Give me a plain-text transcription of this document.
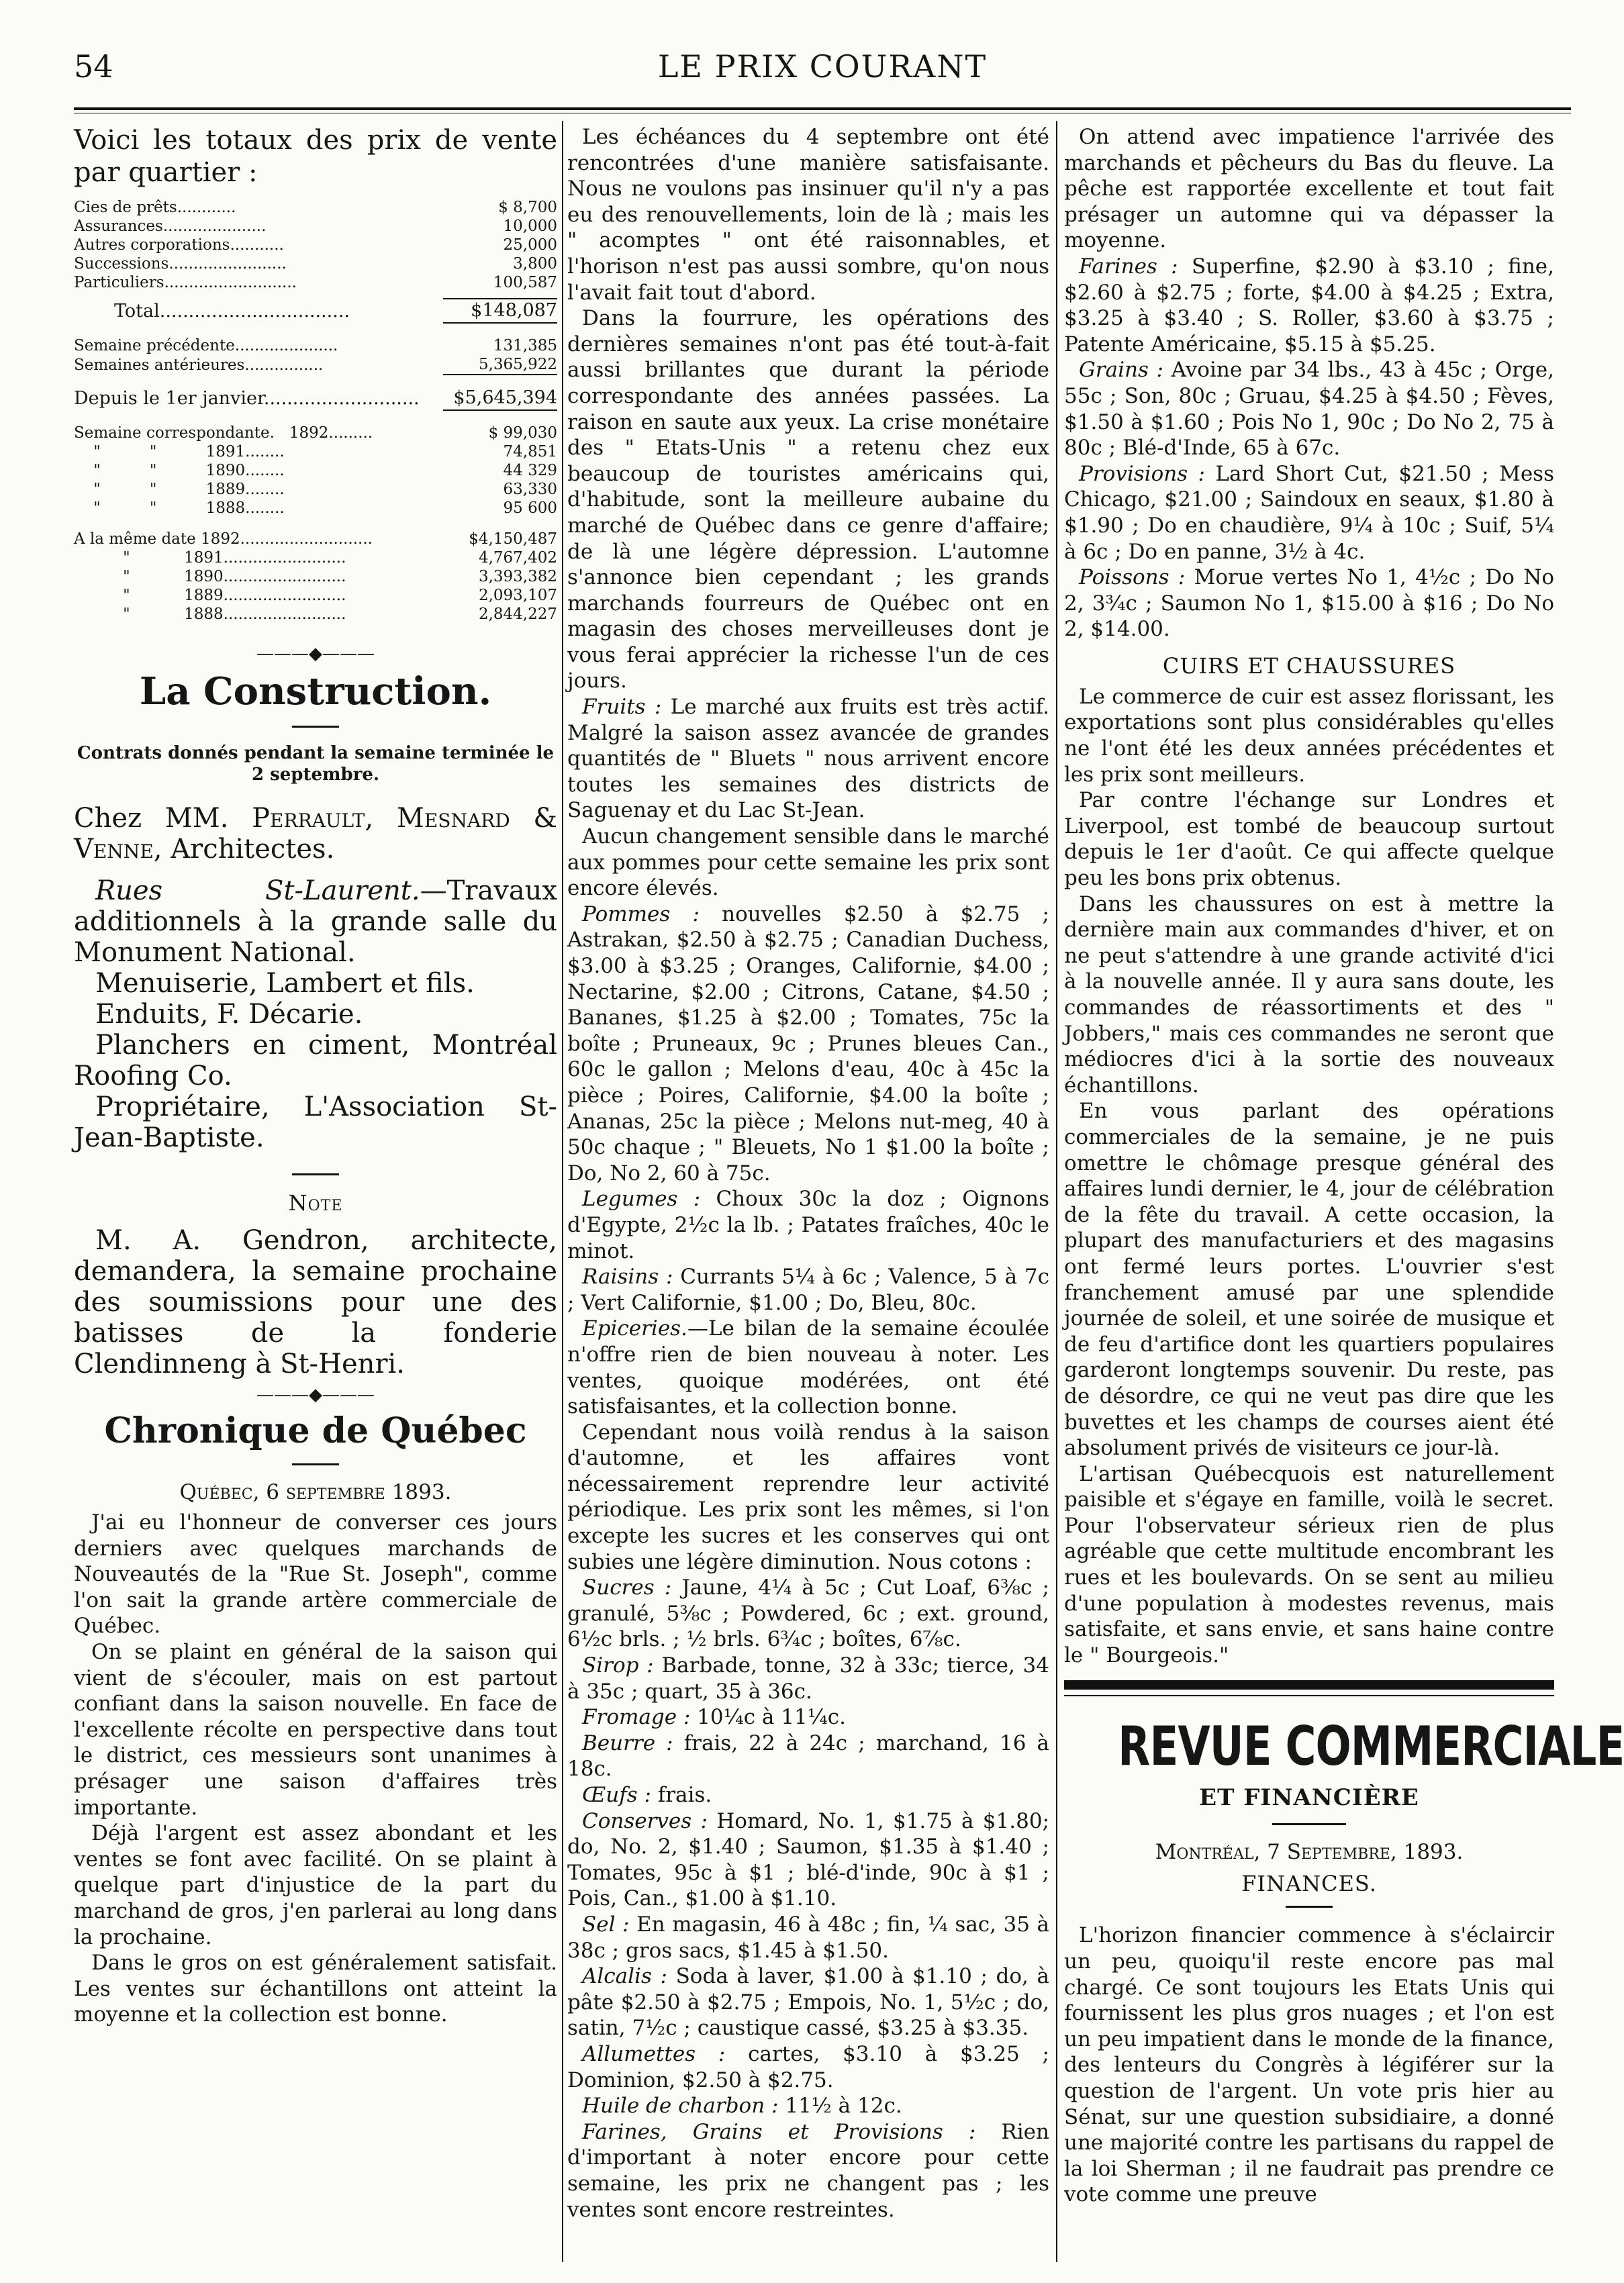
54	LE PRIX COURANT

Voici les totaux des prix de vente par quartier :

Cies de prêts............	$ 8,700
Assurances.....................	10,000
Autres corporations...........	25,000
Successions........................	3,800
Particuliers...........................	100,587

Total.................................	$148,087

Semaine précédente.....................	131,385
Semaines antérieures................	5,365,922

Depuis le 1er janvier...........................	$5,645,394

Semaine correspondante.   1892.........	$ 99,030
"          "          1891........	74,851
"          "          1890........	44 329
"          "          1889........	63,330
"          "          1888........	95 600

A la même date 1892...........................	$4,150,487
"           1891.........................	4,767,402
"           1890.........................	3,393,382
"           1889.........................	2,093,107
"           1888.........................	2,844,227
———◆———
La Construction.
Contrats donnés pendant la semaine terminée le 2 septembre.

Chez MM. Perrault, Mesnard & Venne, Architectes.

Rues St-Laurent.—Travaux additionnels à la grande salle du Monument National.

Menuiserie, Lambert et fils.

Enduits, F. Décarie.

Planchers en ciment, Montréal Roofing Co.

Propriétaire, L'Association St-Jean-Baptiste.

Note

M. A. Gendron, architecte, demandera, la semaine prochaine des soumissions pour une des batisses de la fonderie Clendinneng à St-Henri.

———◆———
Chronique de Québec
Québec, 6 septembre 1893.

J'ai eu l'honneur de converser ces jours derniers avec quelques marchands de Nouveautés de la "Rue St. Joseph", comme l'on sait la grande artère commerciale de Québec.

On se plaint en général de la saison qui vient de s'écouler, mais on est partout confiant dans la saison nouvelle. En face de l'excellente récolte en perspective dans tout le district, ces messieurs sont unanimes à présager une saison d'affaires très importante.

Déjà l'argent est assez abondant et les ventes se font avec facilité. On se plaint à quelque part d'injustice de la part du marchand de gros, j'en parlerai au long dans la prochaine.

Dans le gros on est généralement satisfait. Les ventes sur échantillons ont atteint la moyenne et la collection est bonne.

Les échéances du 4 septembre ont été rencontrées d'une manière satisfaisante. Nous ne voulons pas insinuer qu'il n'y a pas eu des renouvellements, loin de là ; mais les " acomptes " ont été raisonnables, et l'horison n'est pas aussi sombre, qu'on nous l'avait fait tout d'abord.

Dans la fourrure, les opérations des dernières semaines n'ont pas été tout-à-fait aussi brillantes que durant la période correspondante des années passées. La raison en saute aux yeux. La crise monétaire des " Etats-Unis " a retenu chez eux beaucoup de touristes américains qui, d'habitude, sont la meilleure aubaine du marché de Québec dans ce genre d'affaire; de là une légère dépression. L'automne s'annonce bien cependant ; les grands marchands fourreurs de Québec ont en magasin des choses merveilleuses dont je vous ferai apprécier la richesse l'un de ces jours.

Fruits : Le marché aux fruits est très actif. Malgré la saison assez avancée de grandes quantités de " Bluets " nous arrivent encore toutes les semaines des districts de Saguenay et du Lac St-Jean.

Aucun changement sensible dans le marché aux pommes pour cette semaine les prix sont encore élevés.

Pommes : nouvelles $2.50 à $2.75 ; Astrakan, $2.50 à $2.75 ; Canadian Duchess, $3.00 à $3.25 ; Oranges, Californie, $4.00 ; Nectarine, $2.00 ; Citrons, Catane, $4.50 ; Bananes, $1.25 à $2.00 ; Tomates, 75c la boîte ; Pruneaux, 9c ; Prunes bleues Can., 60c le gallon ; Melons d'eau, 40c à 45c la pièce ; Poires, Californie, $4.00 la boîte ; Ananas, 25c la pièce ; Melons nut-meg, 40 à 50c chaque ; " Bleuets, No 1 $1.00 la boîte ; Do, No 2, 60 à 75c.

Legumes : Choux 30c la doz ; Oignons d'Egypte, 2½c la lb. ; Patates fraîches, 40c le minot.

Raisins : Currants 5¼ à 6c ; Valence, 5 à 7c ; Vert Californie, $1.00 ; Do, Bleu, 80c.

Epiceries.—Le bilan de la semaine écoulée n'offre rien de bien nouveau à noter. Les ventes, quoique modérées, ont été satisfaisantes, et la collection bonne.

Cependant nous voilà rendus à la saison d'automne, et les affaires vont nécessairement reprendre leur activité périodique. Les prix sont les mêmes, si l'on excepte les sucres et les conserves qui ont subies une légère diminution. Nous cotons :

Sucres : Jaune, 4¼ à 5c ; Cut Loaf, 6⅜c ; granulé, 5⅜c ; Powdered, 6c ; ext. ground, 6½c brls. ; ½ brls. 6¾c ; boîtes, 6⅞c.

Sirop : Barbade, tonne, 32 à 33c; tierce, 34 à 35c ; quart, 35 à 36c.

Fromage : 10¼c à 11¼c.

Beurre : frais, 22 à 24c ; marchand, 16 à 18c.

Œufs : frais.

Conserves : Homard, No. 1, $1.75 à $1.80; do, No. 2, $1.40 ; Saumon, $1.35 à $1.40 ; Tomates, 95c à $1 ; blé-d'inde, 90c à $1 ; Pois, Can., $1.00 à $1.10.

Sel : En magasin, 46 à 48c ; fin, ¼ sac, 35 à 38c ; gros sacs, $1.45 à $1.50.

Alcalis : Soda à laver, $1.00 à $1.10 ; do, à pâte $2.50 à $2.75 ; Empois, No. 1, 5½c ; do, satin, 7½c ; caustique cassé, $3.25 à $3.35.

Allumettes : cartes, $3.10 à $3.25 ; Dominion, $2.50 à $2.75.

Huile de charbon : 11½ à 12c.

Farines, Grains et Provisions : Rien d'important à noter encore pour cette semaine, les prix ne changent pas ; les ventes sont encore restreintes.

On attend avec impatience l'arrivée des marchands et pêcheurs du Bas du fleuve. La pêche est rapportée excellente et tout fait présager un automne qui va dépasser la moyenne.

Farines : Superfine, $2.90 à $3.10 ; fine, $2.60 à $2.75 ; forte, $4.00 à $4.25 ; Extra, $3.25 à $3.40 ; S. Roller, $3.60 à $3.75 ; Patente Américaine, $5.15 à $5.25.

Grains : Avoine par 34 lbs., 43 à 45c ; Orge, 55c ; Son, 80c ; Gruau, $4.25 à $4.50 ; Fèves, $1.50 à $1.60 ; Pois No 1, 90c ; Do No 2, 75 à 80c ; Blé-d'Inde, 65 à 67c.

Provisions : Lard Short Cut, $21.50 ; Mess Chicago, $21.00 ; Saindoux en seaux, $1.80 à $1.90 ; Do en chaudière, 9¼ à 10c ; Suif, 5¼ à 6c ; Do en panne, 3½ à 4c.

Poissons : Morue vertes No 1, 4½c ; Do No 2, 3¾c ; Saumon No 1, $15.00 à $16 ; Do No 2, $14.00.

CUIRS ET CHAUSSURES

Le commerce de cuir est assez florissant, les exportations sont plus considérables qu'elles ne l'ont été les deux années précédentes et les prix sont meilleurs.

Par contre l'échange sur Londres et Liverpool, est tombé de beaucoup surtout depuis le 1er d'août. Ce qui affecte quelque peu les bons prix obtenus.

Dans les chaussures on est à mettre la dernière main aux commandes d'hiver, et on ne peut s'attendre à une grande activité d'ici à la nouvelle année. Il y aura sans doute, les commandes de réassortiments et des " Jobbers," mais ces commandes ne seront que médiocres d'ici à la sortie des nouveaux échantillons.

En vous parlant des opérations commerciales de la semaine, je ne puis omettre le chômage presque général des affaires lundi dernier, le 4, jour de célébration de la fête du travail. A cette occasion, la plupart des manufacturiers et des magasins ont fermé leurs portes. L'ouvrier s'est franchement amusé par une splendide journée de soleil, et une soirée de musique et de feu d'artifice dont les quartiers populaires garderont longtemps souvenir. Du reste, pas de désordre, ce qui ne veut pas dire que les buvettes et les champs de courses aient été absolument privés de visiteurs ce jour-là.

L'artisan Québecquois est naturellement paisible et s'égaye en famille, voilà le secret. Pour l'observateur sérieux rien de plus agréable que cette multitude encombrant les rues et les boulevards. On se sent au milieu d'une population à modestes revenus, mais satisfaite, et sans envie, et sans haine contre le " Bourgeois."

REVUE COMMERCIALE
ET FINANCIÈRE
Montréal, 7 Septembre, 1893.
FINANCES.

L'horizon financier commence à s'éclaircir un peu, quoiqu'il reste encore pas mal chargé. Ce sont toujours les Etats Unis qui fournissent les plus gros nuages ; et l'on est un peu impatient dans le monde de la finance, des lenteurs du Congrès à légiférer sur la question de l'argent. Un vote pris hier au Sénat, sur une question subsidiaire, a donné une majorité contre les partisans du rappel de la loi Sherman ; il ne faudrait pas prendre ce vote comme une preuve
